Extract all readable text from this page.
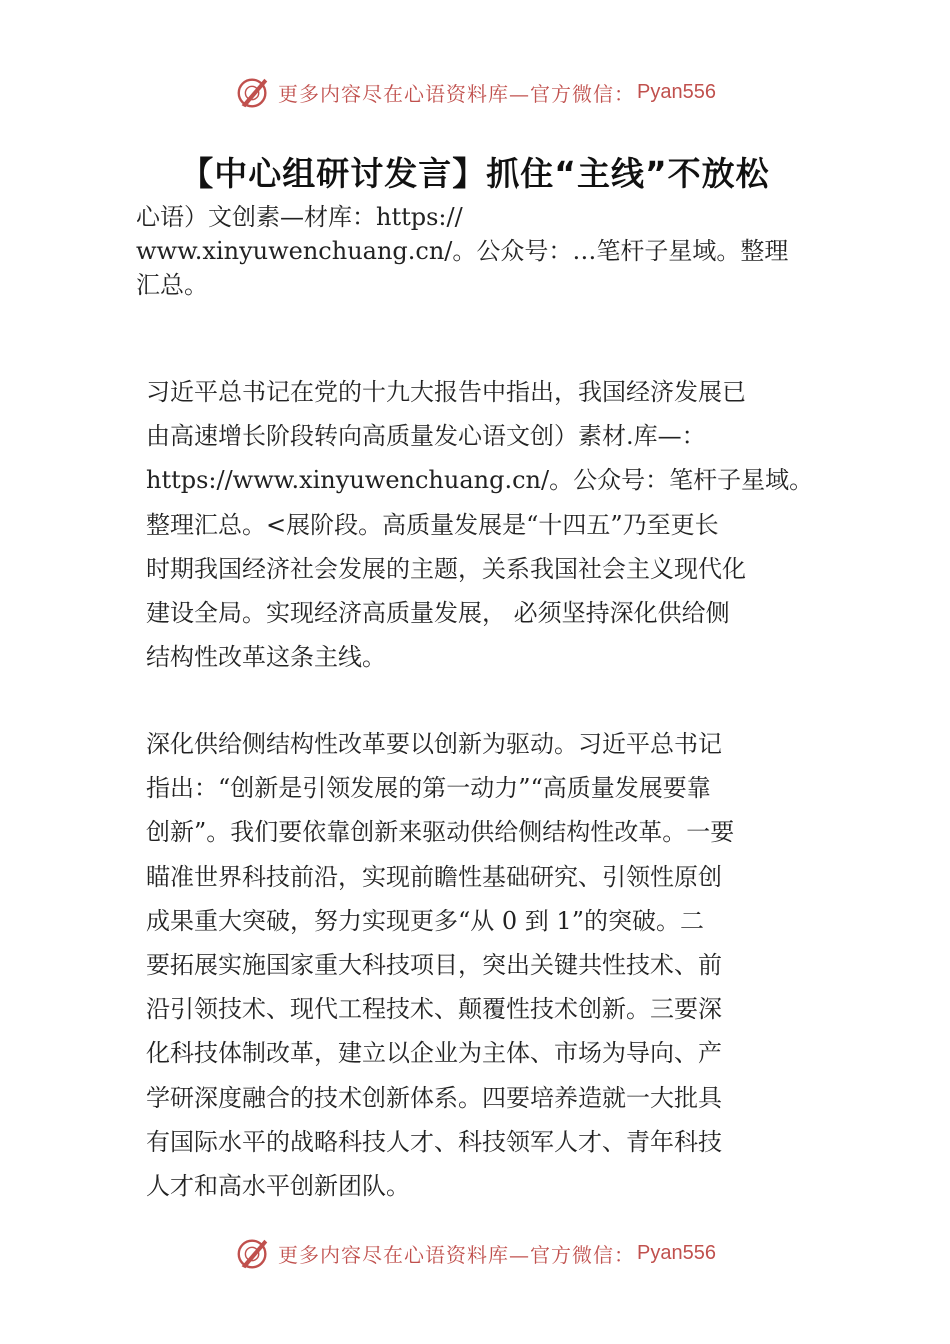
更多内容尽在心语资料库—官方微信： Pyan556
【中心组研讨发言】抓住“主线”不放松
心语）文创素—材库：https://
www.xinyuwenchuang.cn/。公众号：…笔杆子星域。整理
汇总。
习近平总书记在党的十九大报告中指出，我国经济发展已
由高速增长阶段转向高质量发心语文创）素材.库—：
https://www.xinyuwenchuang.cn/。公众号：笔杆子星域。
整理汇总。<展阶段。高质量发展是“十四五”乃至更长
时期我国经济社会发展的主题，关系我国社会主义现代化
建设全局。实现经济高质量发展， 必须坚持深化供给侧
结构性改革这条主线。
深化供给侧结构性改革要以创新为驱动。习近平总书记
指出：“创新是引领发展的第一动力”“高质量发展要靠
创新”。我们要依靠创新来驱动供给侧结构性改革。一要
瞄准世界科技前沿，实现前瞻性基础研究、引领性原创
成果重大突破，努力实现更多“从 0 到 1”的突破。二
要拓展实施国家重大科技项目，突出关键共性技术、前
沿引领技术、现代工程技术、颠覆性技术创新。三要深
化科技体制改革，建立以企业为主体、市场为导向、产
学研深度融合的技术创新体系。四要培养造就一大批具
有国际水平的战略科技人才、科技领军人才、青年科技
人才和高水平创新团队。
更多内容尽在心语资料库—官方微信： Pyan556
